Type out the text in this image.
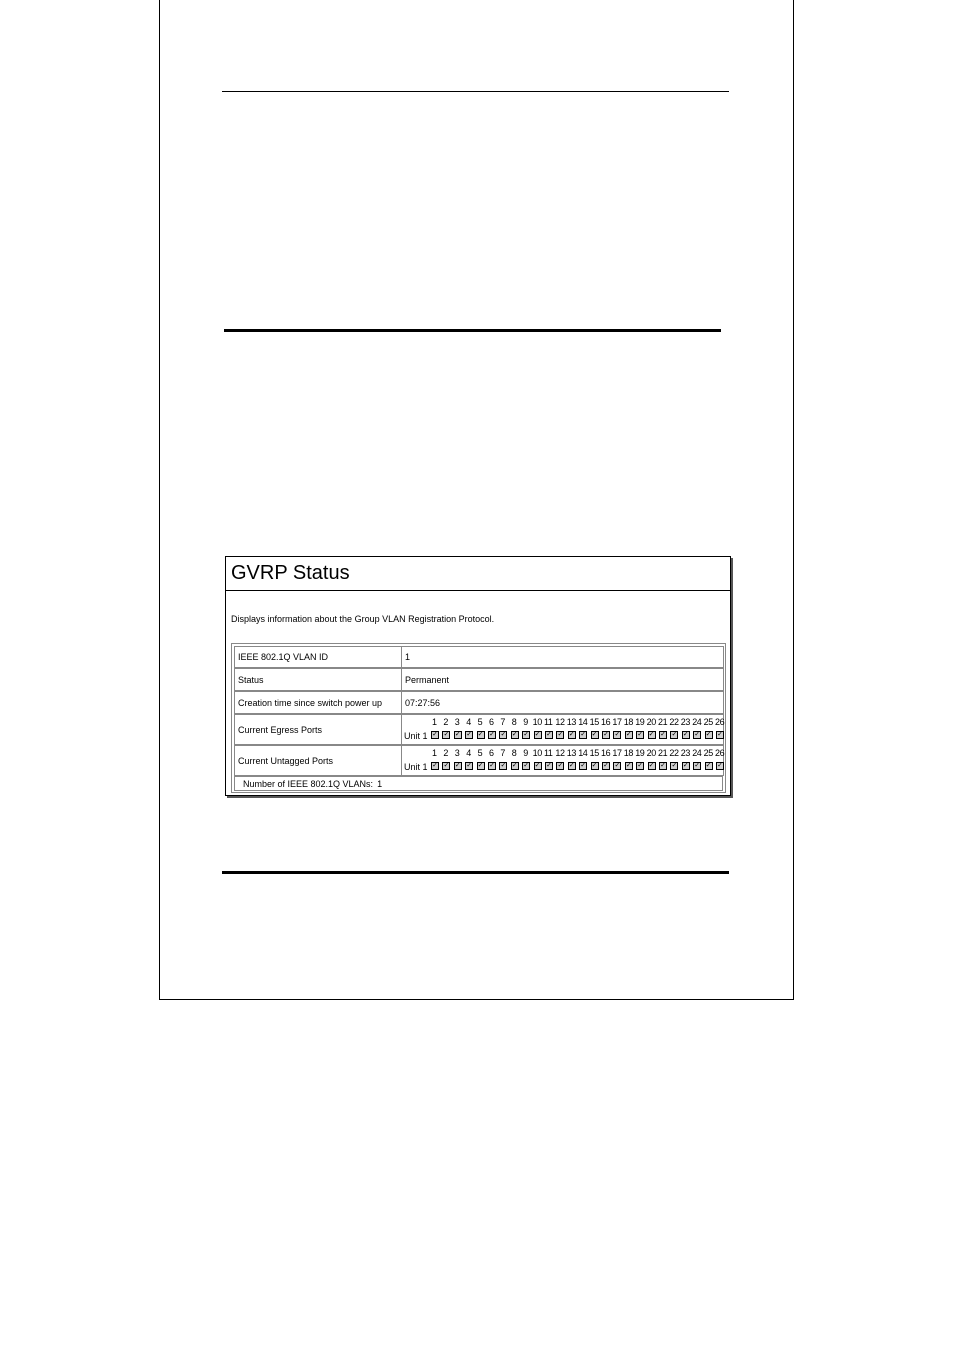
GVRP Status
Displays information about the Group VLAN Registration Protocol.
IEEE 802.1Q VLAN ID	1
Status	Permanent
Creation time since switch power up	07:27:56
Current Egress Ports
1 2 3 4 5 6 7 8 9 10 11 12 13 14 15 16 17 18 19 20 21 22 23 24 25 26
Unit 1 ✓ ✓ ✓ ✓ ✓ ✓ ✓ ✓ ✓ ✓ ✓ ✓ ✓ ✓ ✓ ✓ ✓ ✓ ✓ ✓ ✓ ✓ ✓ ✓ ✓ ✓
Current Untagged Ports
1 2 3 4 5 6 7 8 9 10 11 12 13 14 15 16 17 18 19 20 21 22 23 24 25 26
Unit 1 ✓ ✓ ✓ ✓ ✓ ✓ ✓ ✓ ✓ ✓ ✓ ✓ ✓ ✓ ✓ ✓ ✓ ✓ ✓ ✓ ✓ ✓ ✓ ✓ ✓ ✓
Number of IEEE 802.1Q VLANs: 1
